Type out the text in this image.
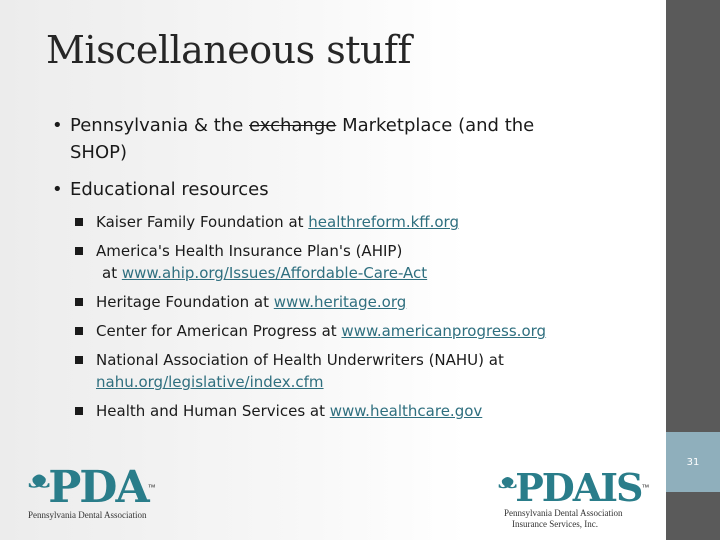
Miscellaneous stuff
• Pennsylvania & the exchange Marketplace (and the
SHOP)
• Educational resources
Kaiser Family Foundation at healthreform.kff.org
America's Health Insurance Plan's (AHIP)
at www.ahip.org/Issues/Affordable-Care-Act
Heritage Foundation at www.heritage.org
Center for American Progress at www.americanprogress.org
National Association of Health Underwriters (NAHU) at
nahu.org/legislative/index.cfm
Health and Human Services at www.healthcare.gov
ᵜPDA™
Pennsylvania Dental Association
ᵜPDAIS™
Pennsylvania Dental Association
Insurance Services, Inc.
31
